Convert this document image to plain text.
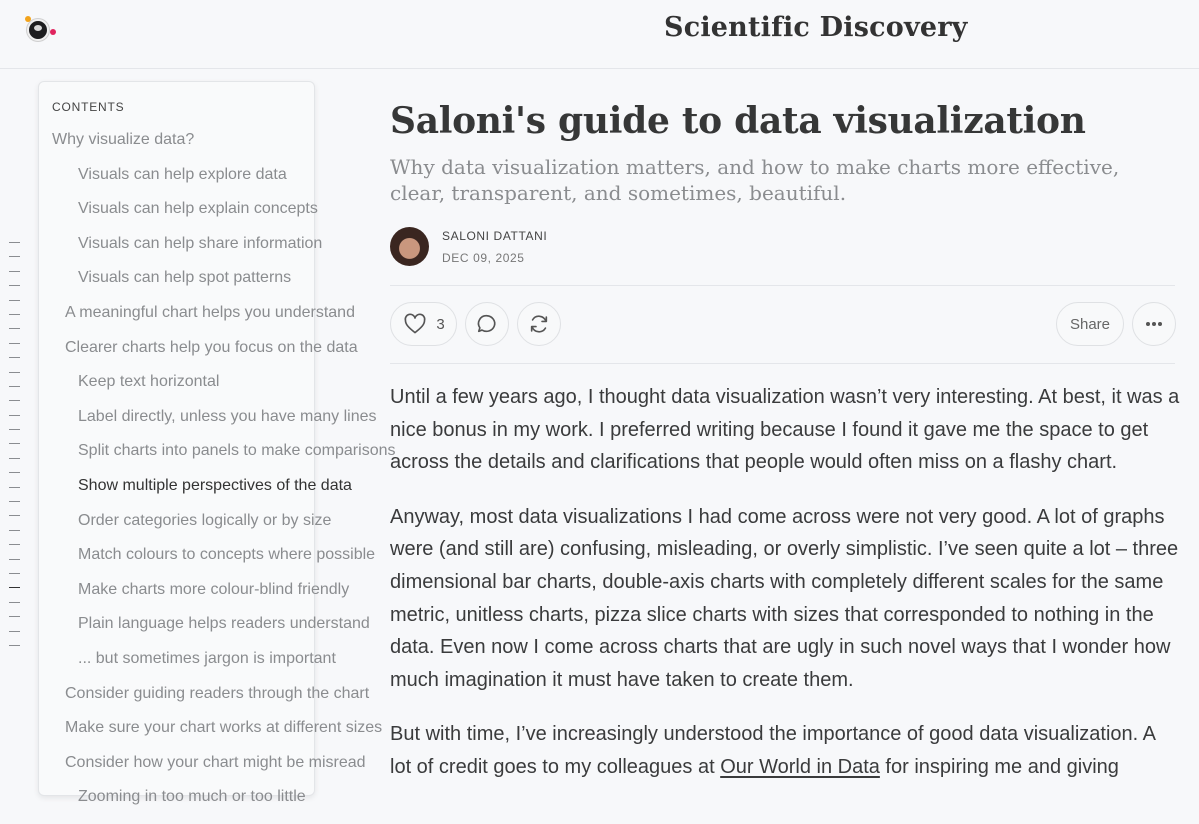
Scientific Discovery
CONTENTS
Why visualize data?
Visuals can help explore data
Visuals can help explain concepts
Visuals can help share information
Visuals can help spot patterns
A meaningful chart helps you understand
Clearer charts help you focus on the data
Keep text horizontal
Label directly, unless you have many lines
Split charts into panels to make comparisons
Show multiple perspectives of the data
Order categories logically or by size
Match colours to concepts where possible
Make charts more colour-blind friendly
Plain language helps readers understand
... but sometimes jargon is important
Consider guiding readers through the chart
Make sure your chart works at different sizes
Consider how your chart might be misread
Zooming in too much or too little
Saloni's guide to data visualization
Why data visualization matters, and how to make charts more effective, clear, transparent, and sometimes, beautiful.
SALONI DATTANI
DEC 09, 2025
3	Share

Until a few years ago, I thought data visualization wasn’t very interesting. At best, it was a nice bonus in my work. I preferred writing because I found it gave me the space to get across the details and clarifications that people would often miss on a flashy chart.

Anyway, most data visualizations I had come across were not very good. A lot of graphs were (and still are) confusing, misleading, or overly simplistic. I’ve seen quite a lot – three dimensional bar charts, double-axis charts with completely different scales for the same metric, unitless charts, pizza slice charts with sizes that corresponded to nothing in the data. Even now I come across charts that are ugly in such novel ways that I wonder how much imagination it must have taken to create them.

But with time, I’ve increasingly understood the importance of good data visualization. A lot of credit goes to my colleagues at Our World in Data for inspiring me and giving
